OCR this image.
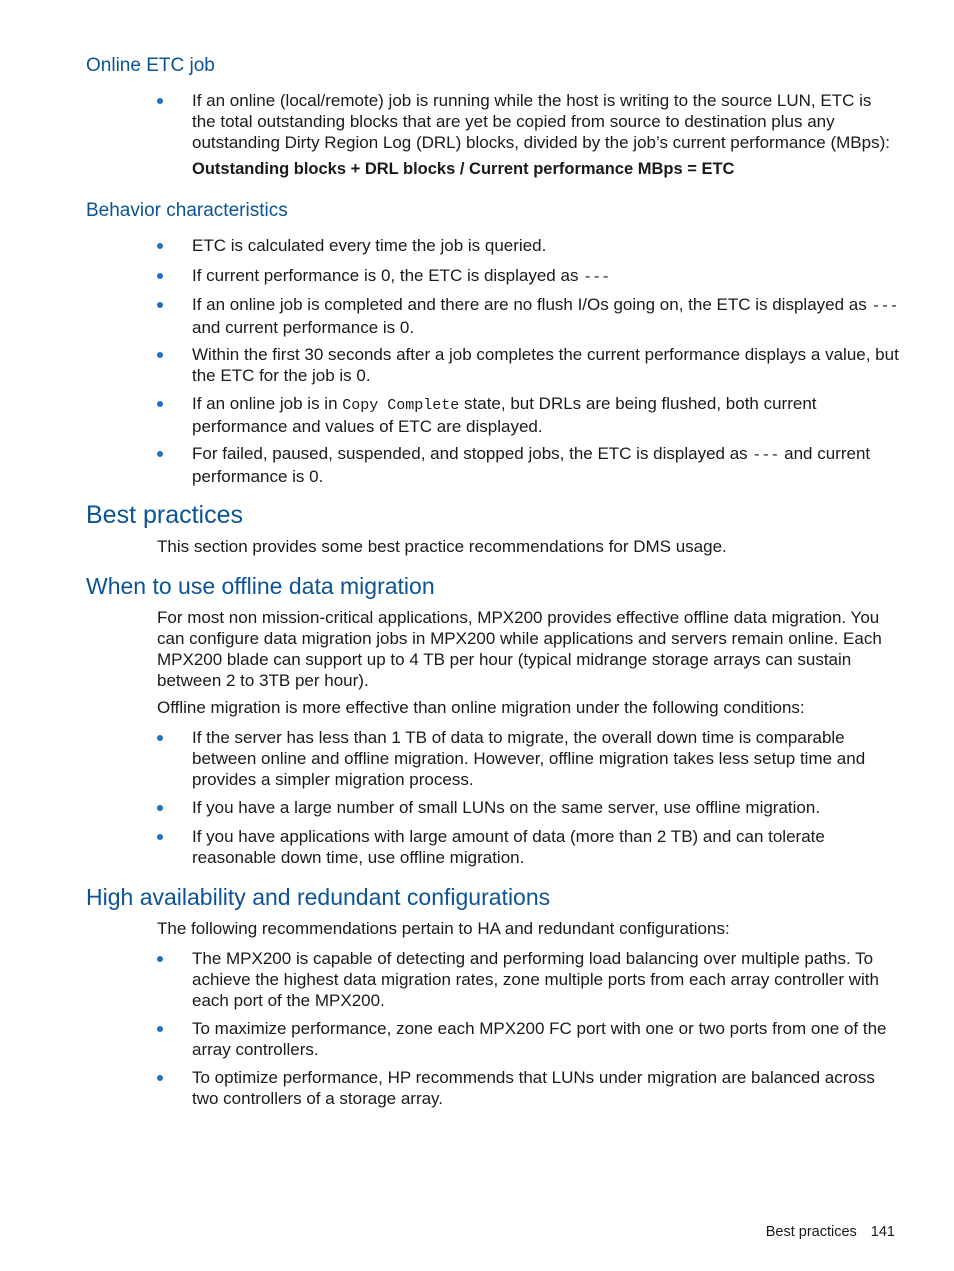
Online ETC job
If an online (local/remote) job is running while the host is writing to the source LUN, ETC is the total outstanding blocks that are yet be copied from source to destination plus any outstanding Dirty Region Log (DRL) blocks, divided by the job’s current performance (MBps):

Outstanding blocks + DRL blocks / Current performance MBps = ETC

Behavior characteristics
ETC is calculated every time the job is queried.
If current performance is 0, the ETC is displayed as ---
If an online job is completed and there are no flush I/Os going on, the ETC is displayed as --- and current performance is 0.
Within the first 30 seconds after a job completes the current performance displays a value, but the ETC for the job is 0.
If an online job is in Copy Complete state, but DRLs are being flushed, both current performance and values of ETC are displayed.
For failed, paused, suspended, and stopped jobs, the ETC is displayed as --- and current performance is 0.
Best practices

This section provides some best practice recommendations for DMS usage.

When to use offline data migration

For most non mission-critical applications, MPX200 provides effective offline data migration. You can configure data migration jobs in MPX200 while applications and servers remain online. Each MPX200 blade can support up to 4 TB per hour (typical midrange storage arrays can sustain between 2 to 3TB per hour).

Offline migration is more effective than online migration under the following conditions:

If the server has less than 1 TB of data to migrate, the overall down time is comparable between online and offline migration. However, offline migration takes less setup time and provides a simpler migration process.
If you have a large number of small LUNs on the same server, use offline migration.
If you have applications with large amount of data (more than 2 TB) and can tolerate reasonable down time, use offline migration.
High availability and redundant configurations

The following recommendations pertain to HA and redundant configurations:

The MPX200 is capable of detecting and performing load balancing over multiple paths. To achieve the highest data migration rates, zone multiple ports from each array controller with each port of the MPX200.
To maximize performance, zone each MPX200 FC port with one or two ports from one of the array controllers.
To optimize performance, HP recommends that LUNs under migration are balanced across two controllers of a storage array.
Best practices 141
